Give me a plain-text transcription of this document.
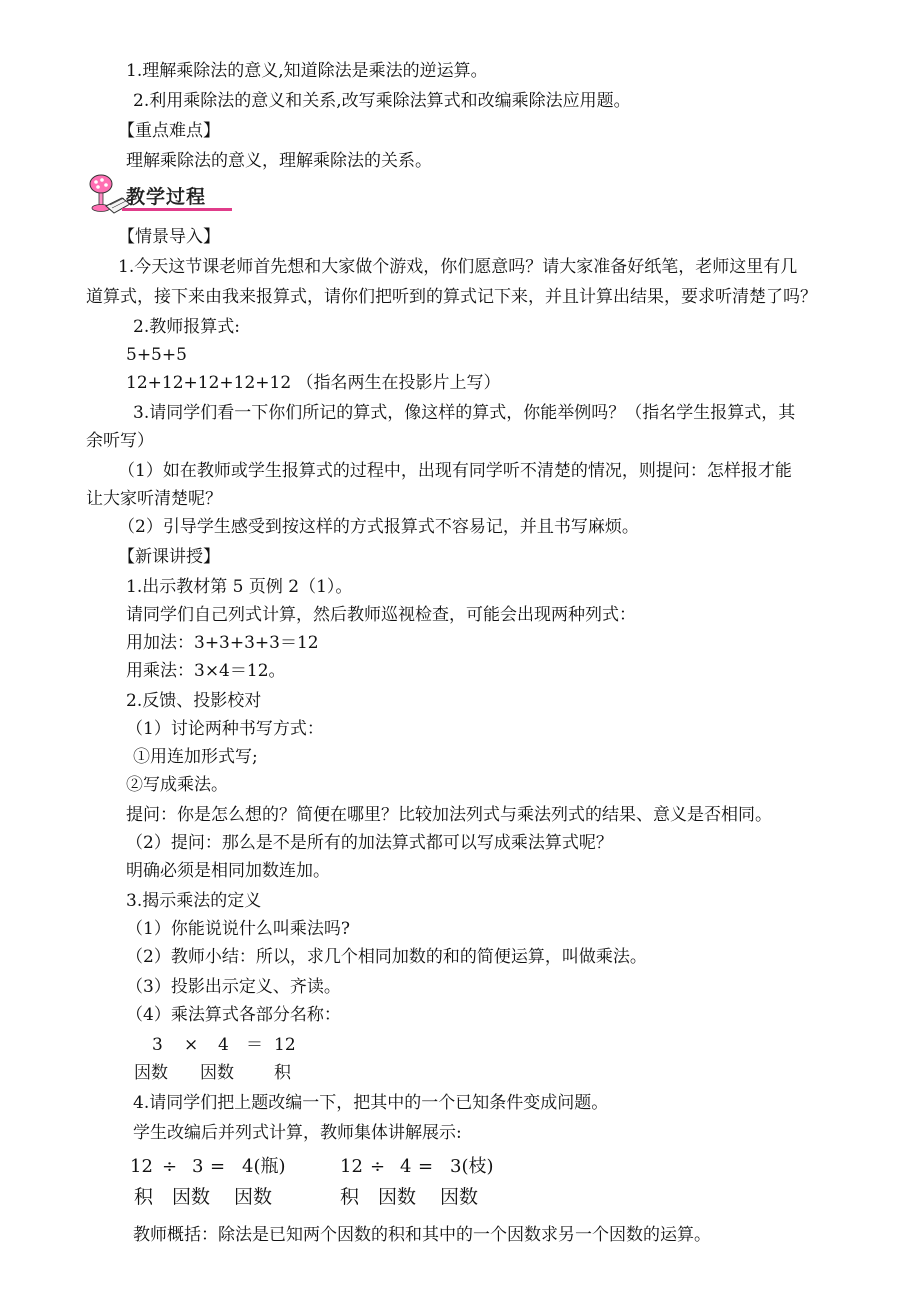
1.理解乘除法的意义,知道除法是乘法的逆运算。
2.利用乘除法的意义和关系,改写乘除法算式和改编乘除法应用题。
【重点难点】
理解乘除法的意义，理解乘除法的关系。
教学过程
【情景导入】
1.今天这节课老师首先想和大家做个游戏，你们愿意吗？请大家准备好纸笔，老师这里有几
道算式，接下来由我来报算式，请你们把听到的算式记下来，并且计算出结果，要求听清楚了吗？
2.教师报算式:
5+5+5
12+12+12+12+12 （指名两生在投影片上写）
3.请同学们看一下你们所记的算式，像这样的算式，你能举例吗？（指名学生报算式，其
余听写）
（1）如在教师或学生报算式的过程中，出现有同学听不清楚的情况，则提问：怎样报才能
让大家听清楚呢？
（2）引导学生感受到按这样的方式报算式不容易记，并且书写麻烦。
【新课讲授】
1.出示教材第 5 页例 2（1）。
请同学们自己列式计算，然后教师巡视检查，可能会出现两种列式：
用加法：3+3+3+3＝12
用乘法：3×4＝12。
2.反馈、投影校对
（1）讨论两种书写方式：
①用连加形式写;
②写成乘法。
提问：你是怎么想的？简便在哪里？比较加法列式与乘法列式的结果、意义是否相同。
（2）提问：那么是不是所有的加法算式都可以写成乘法算式呢？
明确必须是相同加数连加。
3.揭示乘法的定义
（1）你能说说什么叫乘法吗?
（2）教师小结：所以，求几个相同加数的和的简便运算，叫做乘法。
（3）投影出示定义、齐读。
（4）乘法算式各部分名称：
3 × 4 ＝ 12
因数 因数 积
4.请同学们把上题改编一下，把其中的一个已知条件变成问题。
学生改编后并列式计算，教师集体讲解展示:
12 ÷ 3 = 4(瓶)	12 ÷ 4 = 3(枝)
积 因数 因数	积 因数 因数
教师概括：除法是已知两个因数的积和其中的一个因数求另一个因数的运算。
